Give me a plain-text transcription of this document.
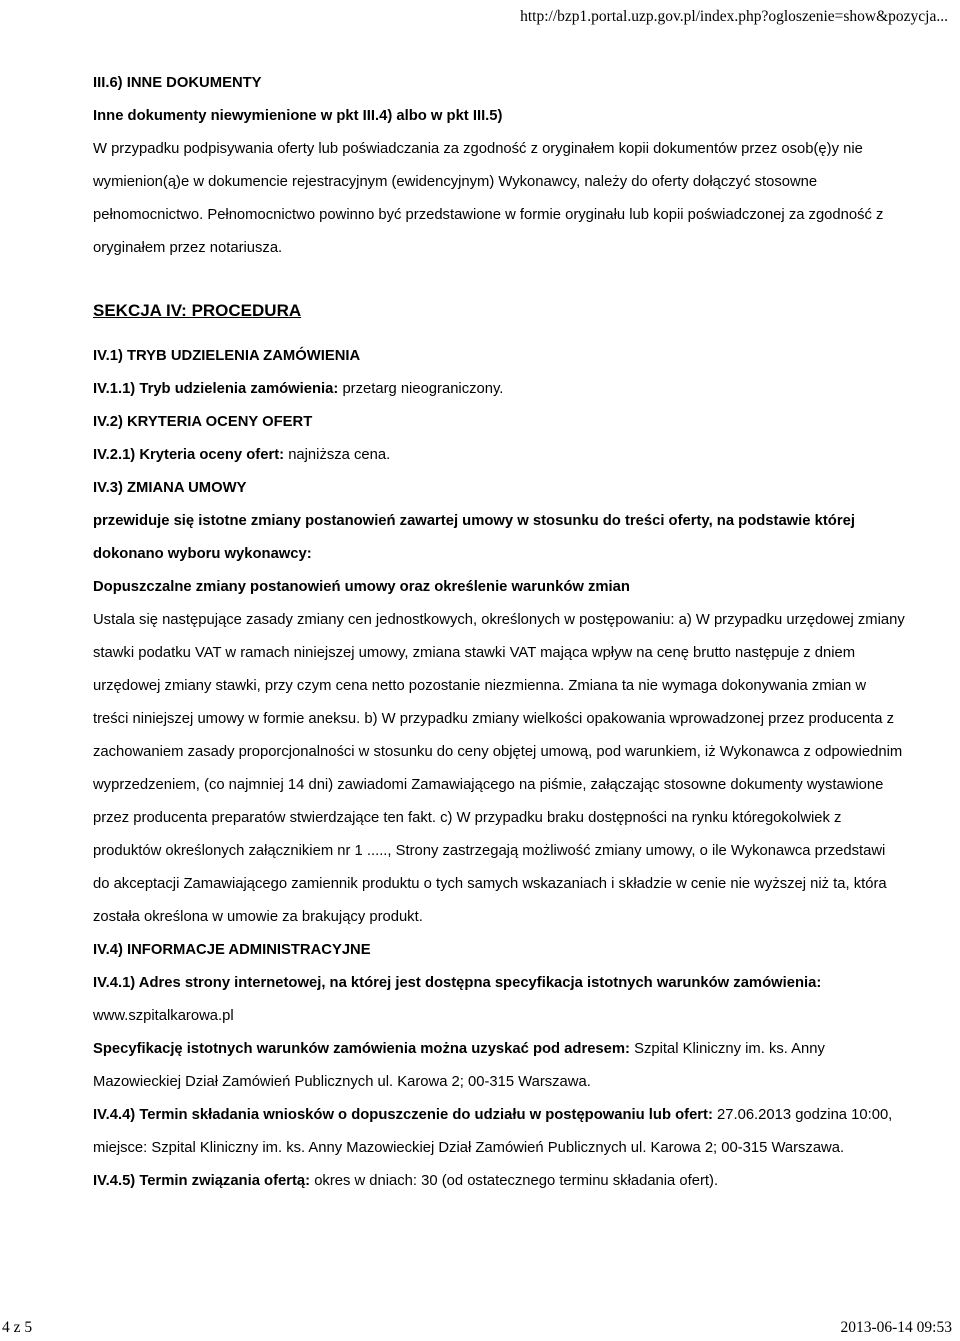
http://bzp1.portal.uzp.gov.pl/index.php?ogloszenie=show&pozycja...

III.6) INNE DOKUMENTY

Inne dokumenty niewymienione w pkt III.4) albo w pkt III.5)

W przypadku podpisywania oferty lub poświadczania za zgodność z oryginałem kopii dokumentów przez osob(ę)y nie wymienion(ą)e w dokumencie rejestracyjnym (ewidencyjnym) Wykonawcy, należy do oferty dołączyć stosowne pełnomocnictwo. Pełnomocnictwo powinno być przedstawione w formie oryginału lub kopii poświadczonej za zgodność z oryginałem przez notariusza.

SEKCJA IV: PROCEDURA

IV.1) TRYB UDZIELENIA ZAMÓWIENIA

IV.1.1) Tryb udzielenia zamówienia: przetarg nieograniczony.

IV.2) KRYTERIA OCENY OFERT

IV.2.1) Kryteria oceny ofert: najniższa cena.

IV.3) ZMIANA UMOWY

przewiduje się istotne zmiany postanowień zawartej umowy w stosunku do treści oferty, na podstawie której dokonano wyboru wykonawcy:

Dopuszczalne zmiany postanowień umowy oraz określenie warunków zmian

Ustala się następujące zasady zmiany cen jednostkowych, określonych w postępowaniu: a) W przypadku urzędowej zmiany stawki podatku VAT w ramach niniejszej umowy, zmiana stawki VAT mająca wpływ na cenę brutto następuje z dniem urzędowej zmiany stawki, przy czym cena netto pozostanie niezmienna. Zmiana ta nie wymaga dokonywania zmian w treści niniejszej umowy w formie aneksu. b) W przypadku zmiany wielkości opakowania wprowadzonej przez producenta z zachowaniem zasady proporcjonalności w stosunku do ceny objętej umową, pod warunkiem, iż Wykonawca z odpowiednim wyprzedzeniem, (co najmniej 14 dni) zawiadomi Zamawiającego na piśmie, załączając stosowne dokumenty wystawione przez producenta preparatów stwierdzające ten fakt. c) W przypadku braku dostępności na rynku któregokolwiek z produktów określonych załącznikiem nr 1 ....., Strony zastrzegają możliwość zmiany umowy, o ile Wykonawca przedstawi do akceptacji Zamawiającego zamiennik produktu o tych samych wskazaniach i składzie w cenie nie wyższej niż ta, która została określona w umowie za brakujący produkt.

IV.4) INFORMACJE ADMINISTRACYJNE

IV.4.1) Adres strony internetowej, na której jest dostępna specyfikacja istotnych warunków zamówienia: www.szpitalkarowa.pl

Specyfikację istotnych warunków zamówienia można uzyskać pod adresem: Szpital Kliniczny im. ks. Anny Mazowieckiej Dział Zamówień Publicznych ul. Karowa 2; 00-315 Warszawa.

IV.4.4) Termin składania wniosków o dopuszczenie do udziału w postępowaniu lub ofert: 27.06.2013 godzina 10:00, miejsce: Szpital Kliniczny im. ks. Anny Mazowieckiej Dział Zamówień Publicznych ul. Karowa 2; 00-315 Warszawa.

IV.4.5) Termin związania ofertą: okres w dniach: 30 (od ostatecznego terminu składania ofert).

4 z 5	2013-06-14 09:53
